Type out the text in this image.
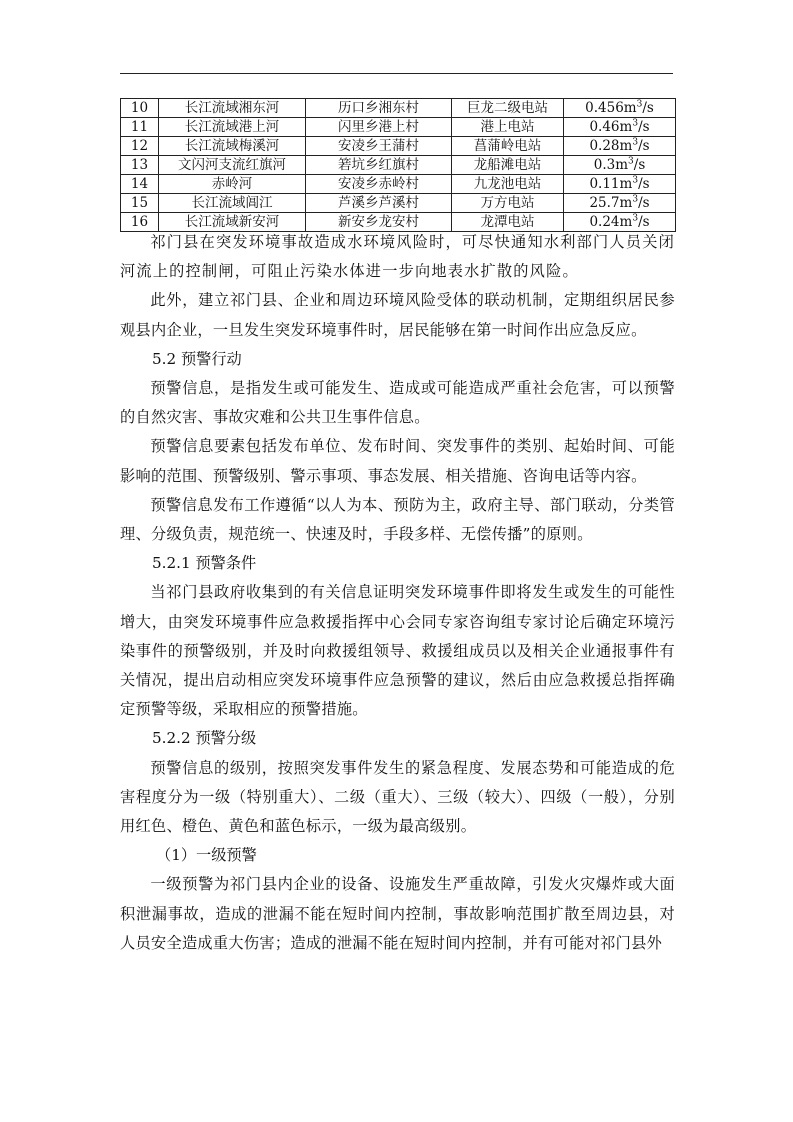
10	长江流域湘东河	历口乡湘东村	巨龙二级电站	$0.456m^3/s$
11	长江流域港上河	闪里乡港上村	港上电站	$0.46m^3/s$
12	长江流域梅溪河	安凌乡王蒲村	菖蒲岭电站	$0.28m^3/s$
13	文闪河支流红旗河	箬坑乡红旗村	龙船滩电站	$0.3m^3/s$
14	赤岭河	安凌乡赤岭村	九龙池电站	$0.11m^3/s$
15	长江流域阊江	芦溪乡芦溪村	万方电站	$25.7m^3/s$
16	长江流域新安河	新安乡龙安村	龙潭电站	$0.24m^3/s$

祁门县在突发环境事故造成水环境风险时，可尽快通知水利部门人员关闭河流上的控制闸，可阻止污染水体进一步向地表水扩散的风险。

此外，建立祁门县、企业和周边环境风险受体的联动机制，定期组织居民参观县内企业，一旦发生突发环境事件时，居民能够在第一时间作出应急反应。

5.2 预警行动

预警信息，是指发生或可能发生、造成或可能造成严重社会危害，可以预警的自然灾害、事故灾难和公共卫生事件信息。

预警信息要素包括发布单位、发布时间、突发事件的类别、起始时间、可能影响的范围、预警级别、警示事项、事态发展、相关措施、咨询电话等内容。

预警信息发布工作遵循“以人为本、预防为主，政府主导、部门联动，分类管理、分级负责，规范统一、快速及时，手段多样、无偿传播”的原则。

5.2.1 预警条件

当祁门县政府收集到的有关信息证明突发环境事件即将发生或发生的可能性增大，由突发环境事件应急救援指挥中心会同专家咨询组专家讨论后确定环境污染事件的预警级别，并及时向救援组领导、救援组成员以及相关企业通报事件有关情况，提出启动相应突发环境事件应急预警的建议，然后由应急救援总指挥确定预警等级，采取相应的预警措施。

5.2.2 预警分级

预警信息的级别，按照突发事件发生的紧急程度、发展态势和可能造成的危害程度分为一级（特别重大）、二级（重大）、三级（较大）、四级（一般），分别用红色、橙色、黄色和蓝色标示，一级为最高级别。

（1）一级预警

一级预警为祁门县内企业的设备、设施发生严重故障，引发火灾爆炸或大面积泄漏事故，造成的泄漏不能在短时间内控制，事故影响范围扩散至周边县，对人员安全造成重大伤害；造成的泄漏不能在短时间内控制，并有可能对祁门县外
